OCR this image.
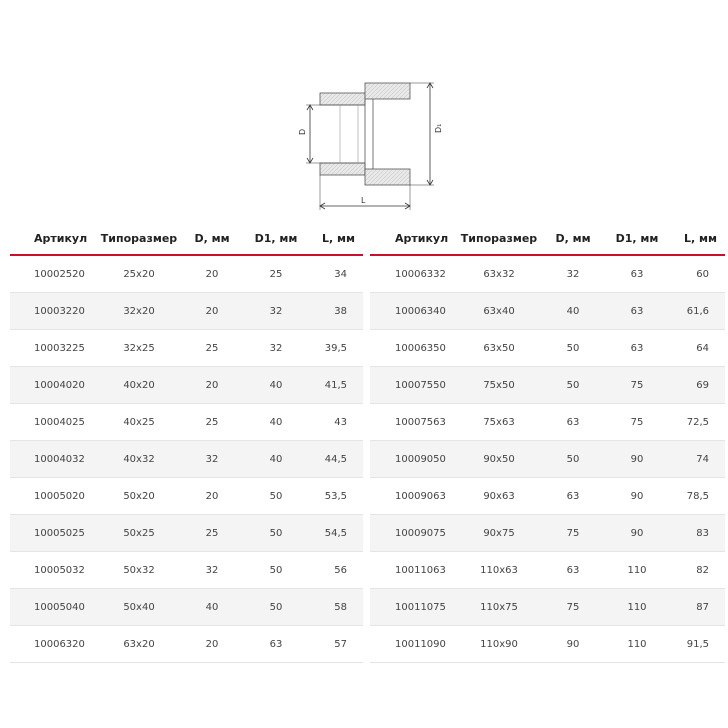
D	D₁
L
Артикул	Типоразмер	D, мм	D1, мм	L, мм
10002520	25x20	20	25	34
10003220	32x20	20	32	38
10003225	32x25	25	32	39,5
10004020	40x20	20	40	41,5
10004025	40x25	25	40	43
10004032	40x32	32	40	44,5
10005020	50x20	20	50	53,5
10005025	50x25	25	50	54,5
10005032	50x32	32	50	56
10005040	50x40	40	50	58
10006320	63x20	20	63	57
Артикул	Типоразмер	D, мм	D1, мм	L, мм
10006332	63x32	32	63	60
10006340	63x40	40	63	61,6
10006350	63x50	50	63	64
10007550	75x50	50	75	69
10007563	75x63	63	75	72,5
10009050	90x50	50	90	74
10009063	90x63	63	90	78,5
10009075	90x75	75	90	83
10011063	110x63	63	110	82
10011075	110x75	75	110	87
10011090	110x90	90	110	91,5
